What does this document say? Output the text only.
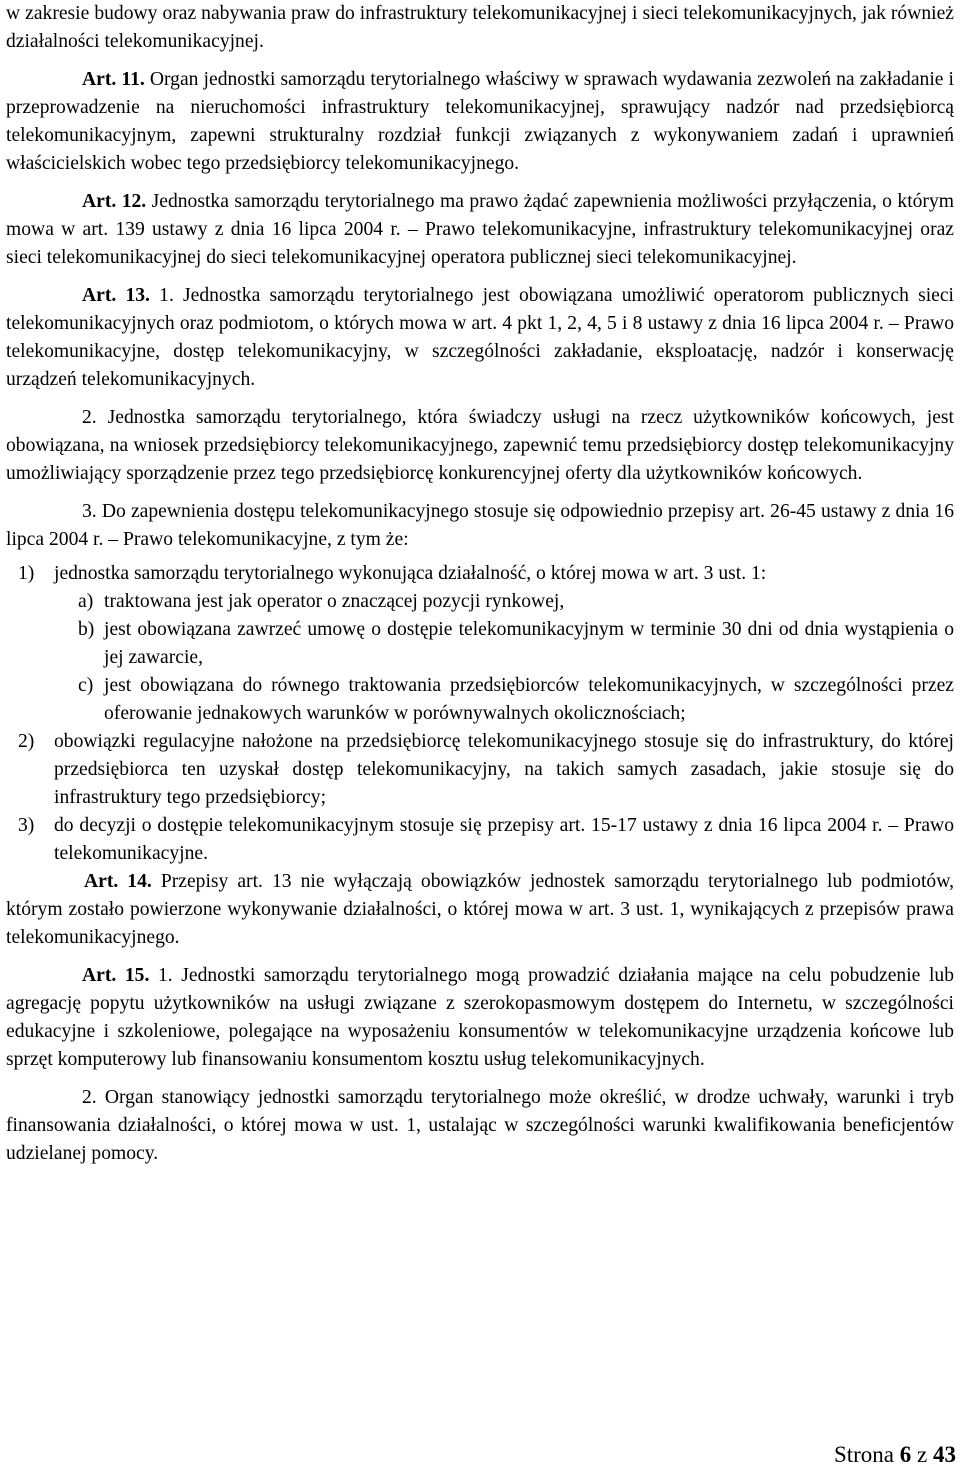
w zakresie budowy oraz nabywania praw do infrastruktury telekomunikacyjnej i sieci telekomunikacyjnych, jak również działalności telekomunikacyjnej.

Art. 11. Organ jednostki samorządu terytorialnego właściwy w sprawach wydawania zezwoleń na zakładanie i przeprowadzenie na nieruchomości infrastruktury telekomunikacyjnej, sprawujący nadzór nad przedsiębiorcą telekomunikacyjnym, zapewni strukturalny rozdział funkcji związanych z wykonywaniem zadań i uprawnień właścicielskich wobec tego przedsiębiorcy telekomunikacyjnego.

Art. 12. Jednostka samorządu terytorialnego ma prawo żądać zapewnienia możliwości przyłączenia, o którym mowa w art. 139 ustawy z dnia 16 lipca 2004 r. – Prawo telekomunikacyjne, infrastruktury telekomunikacyjnej oraz sieci telekomunikacyjnej do sieci telekomunikacyjnej operatora publicznej sieci telekomunikacyjnej.

Art. 13. 1. Jednostka samorządu terytorialnego jest obowiązana umożliwić operatorom publicznych sieci telekomunikacyjnych oraz podmiotom, o których mowa w art. 4 pkt 1, 2, 4, 5 i 8 ustawy z dnia 16 lipca 2004 r. – Prawo telekomunikacyjne, dostęp telekomunikacyjny, w szczególności zakładanie, eksploatację, nadzór i konserwację urządzeń telekomunikacyjnych.

2. Jednostka samorządu terytorialnego, która świadczy usługi na rzecz użytkowników końcowych, jest obowiązana, na wniosek przedsiębiorcy telekomunikacyjnego, zapewnić temu przedsiębiorcy dostęp telekomunikacyjny umożliwiający sporządzenie przez tego przedsiębiorcę konkurencyjnej oferty dla użytkowników końcowych.

3. Do zapewnienia dostępu telekomunikacyjnego stosuje się odpowiednio przepisy art. 26-45 ustawy z dnia 16 lipca 2004 r. – Prawo telekomunikacyjne, z tym że:

1)	jednostka samorządu terytorialnego wykonująca działalność, o której mowa w art. 3 ust. 1:
a) traktowana jest jak operator o znaczącej pozycji rynkowej,
b) jest obowiązana zawrzeć umowę o dostępie telekomunikacyjnym w terminie 30 dni od dnia wystąpienia o jej zawarcie,
c) jest obowiązana do równego traktowania przedsiębiorców telekomunikacyjnych, w szczególności przez oferowanie jednakowych warunków w porównywalnych okolicznościach;
2)	obowiązki regulacyjne nałożone na przedsiębiorcę telekomunikacyjnego stosuje się do infrastruktury, do której przedsiębiorca ten uzyskał dostęp telekomunikacyjny, na takich samych zasadach, jakie stosuje się do infrastruktury tego przedsiębiorcy;
3)	do decyzji o dostępie telekomunikacyjnym stosuje się przepisy art. 15-17 ustawy z dnia 16 lipca 2004 r. – Prawo telekomunikacyjne.

Art. 14. Przepisy art. 13 nie wyłączają obowiązków jednostek samorządu terytorialnego lub podmiotów, którym zostało powierzone wykonywanie działalności, o której mowa w art. 3 ust. 1, wynikających z przepisów prawa telekomunikacyjnego.

Art. 15. 1. Jednostki samorządu terytorialnego mogą prowadzić działania mające na celu pobudzenie lub agregację popytu użytkowników na usługi związane z szerokopasmowym dostępem do Internetu, w szczególności edukacyjne i szkoleniowe, polegające na wyposażeniu konsumentów w telekomunikacyjne urządzenia końcowe lub sprzęt komputerowy lub finansowaniu konsumentom kosztu usług telekomunikacyjnych.

2. Organ stanowiący jednostki samorządu terytorialnego może określić, w drodze uchwały, warunki i tryb finansowania działalności, o której mowa w ust. 1, ustalając w szczególności warunki kwalifikowania beneficjentów udzielanej pomocy.

Strona 6 z 43
